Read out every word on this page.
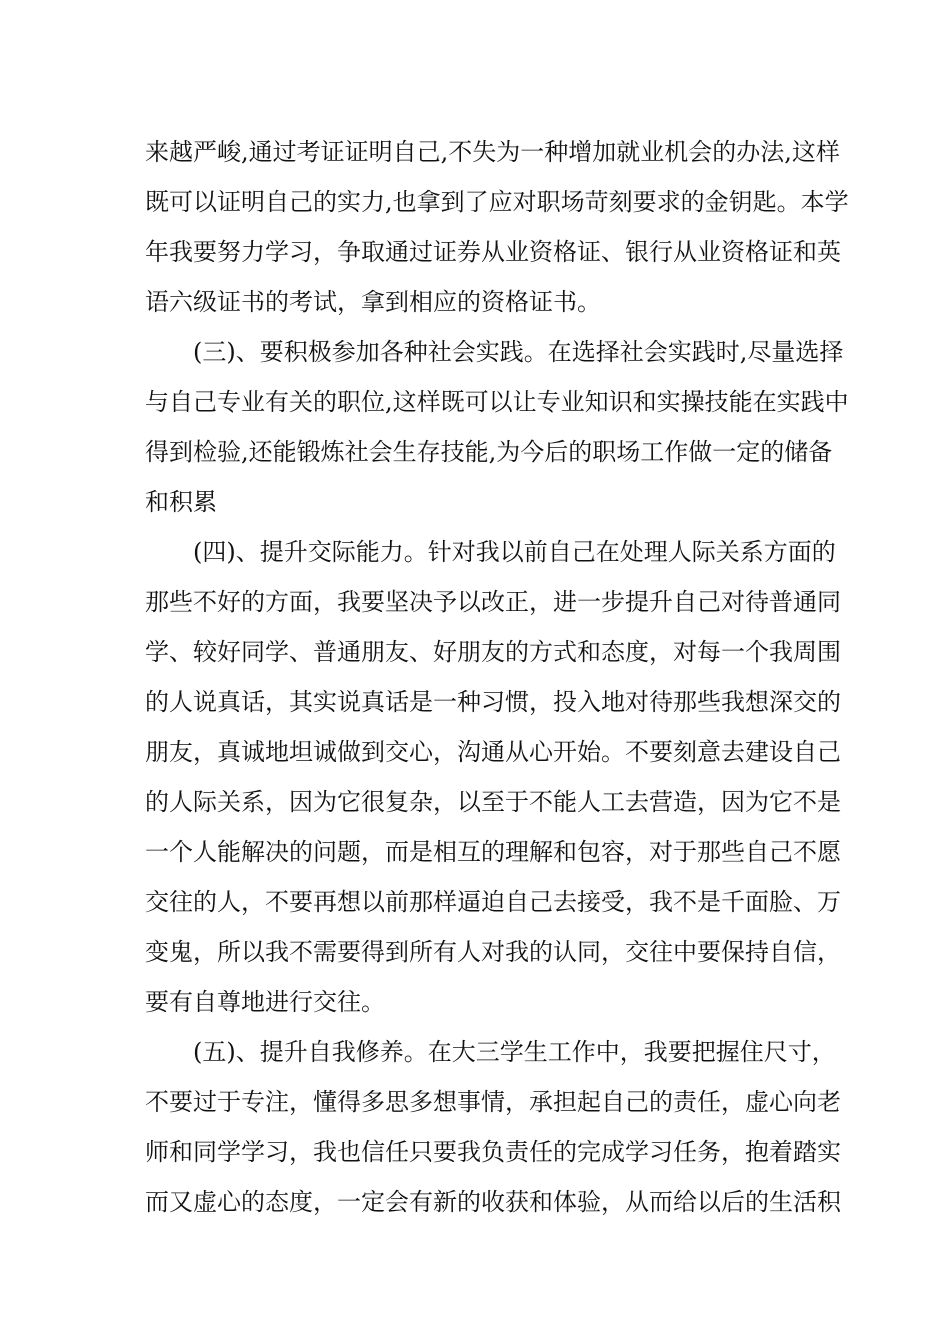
来越严峻,通过考证证明自己,不失为一种增加就业机会的办法,这样
既可以证明自己的实力,也拿到了应对职场苛刻要求的金钥匙。本学
年我要努力学习，争取通过证券从业资格证、银行从业资格证和英
语六级证书的考试，拿到相应的资格证书。
(三)、要积极参加各种社会实践。在选择社会实践时,尽量选择
与自己专业有关的职位,这样既可以让专业知识和实操技能在实践中
得到检验,还能锻炼社会生存技能,为今后的职场工作做一定的储备
和积累
(四)、提升交际能力。针对我以前自己在处理人际关系方面的
那些不好的方面，我要坚决予以改正，进一步提升自己对待普通同
学、较好同学、普通朋友、好朋友的方式和态度，对每一个我周围
的人说真话，其实说真话是一种习惯，投入地对待那些我想深交的
朋友，真诚地坦诚做到交心，沟通从心开始。不要刻意去建设自己
的人际关系，因为它很复杂，以至于不能人工去营造，因为它不是
一个人能解决的问题，而是相互的理解和包容，对于那些自己不愿
交往的人，不要再想以前那样逼迫自己去接受，我不是千面脸、万
变鬼，所以我不需要得到所有人对我的认同，交往中要保持自信，
要有自尊地进行交往。
(五)、提升自我修养。在大三学生工作中，我要把握住尺寸，
不要过于专注，懂得多思多想事情，承担起自己的责任，虚心向老
师和同学学习，我也信任只要我负责任的完成学习任务，抱着踏实
而又虚心的态度，一定会有新的收获和体验，从而给以后的生活积
